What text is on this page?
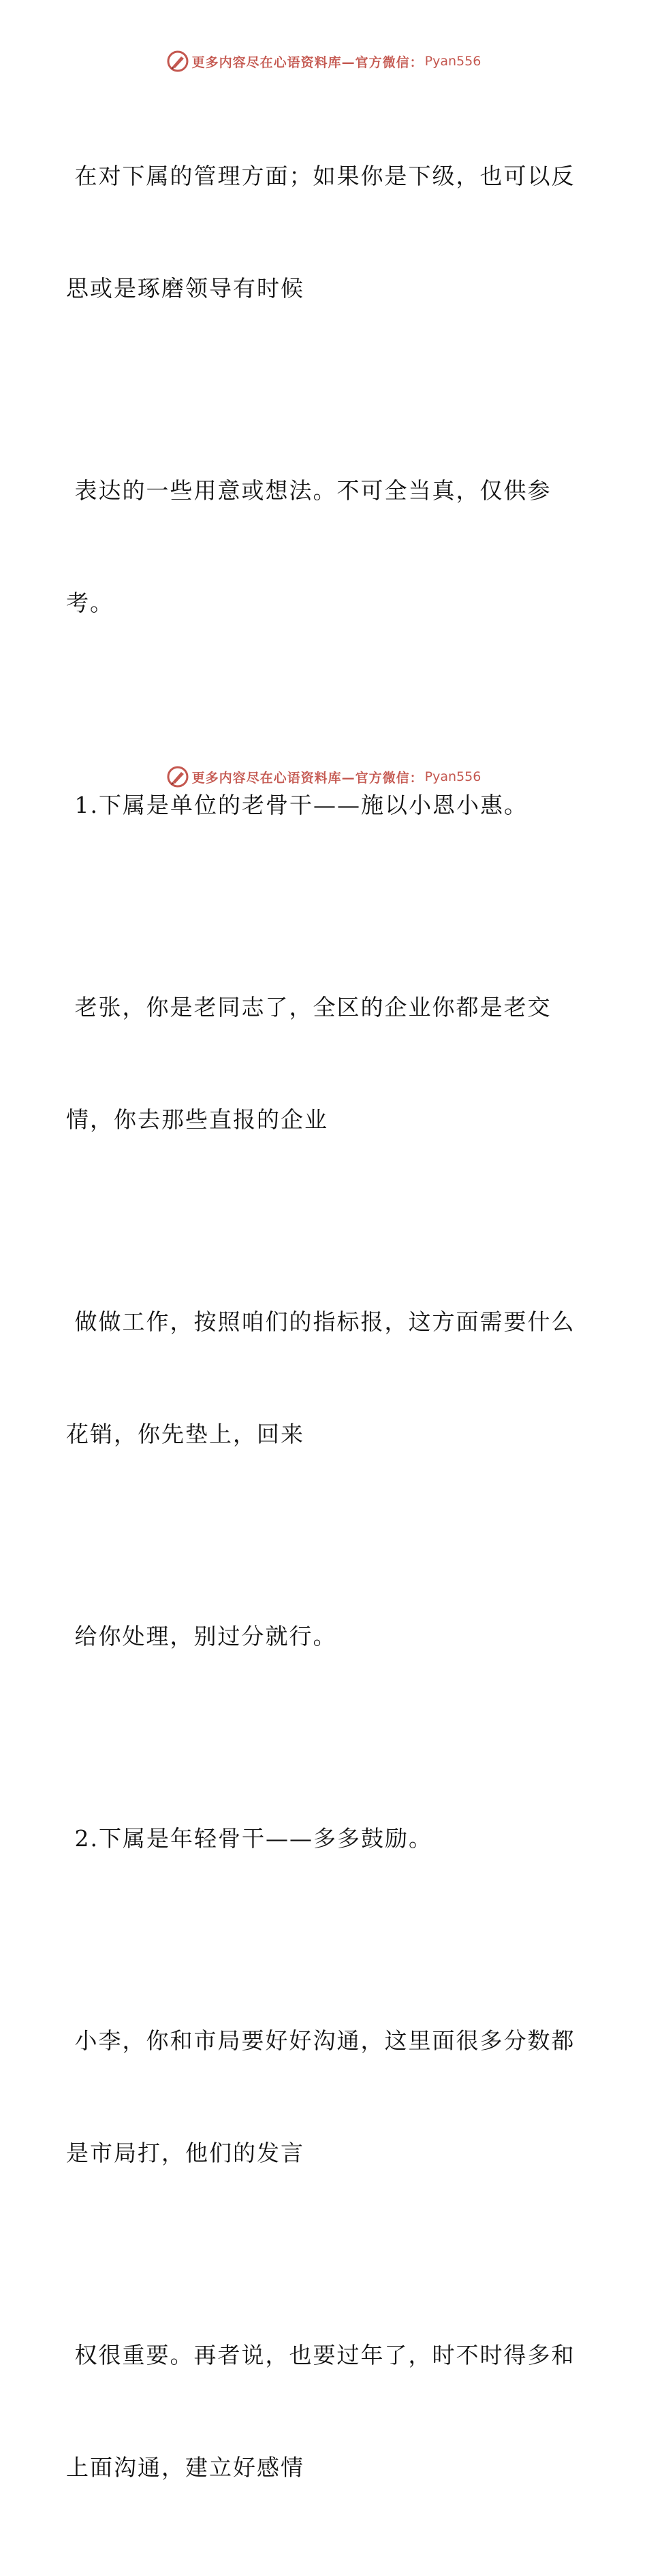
更多内容尽在心语资料库—官方微信： Pyan556

在对下属的管理方面；如果你是下级，也可以反

思或是琢磨领导有时候

表达的一些用意或想法。不可全当真，仅供参

考。

1.下属是单位的老骨干——施以小恩小惠。

老张，你是老同志了，全区的企业你都是老交

情，你去那些直报的企业

做做工作，按照咱们的指标报，这方面需要什么

花销，你先垫上，回来

给你处理，别过分就行。

2.下属是年轻骨干——多多鼓励。

小李，你和市局要好好沟通，这里面很多分数都

是市局打，他们的发言

权很重要。再者说，也要过年了，时不时得多和

上面沟通，建立好感情

更多内容尽在心语资料库—官方微信： Pyan556
